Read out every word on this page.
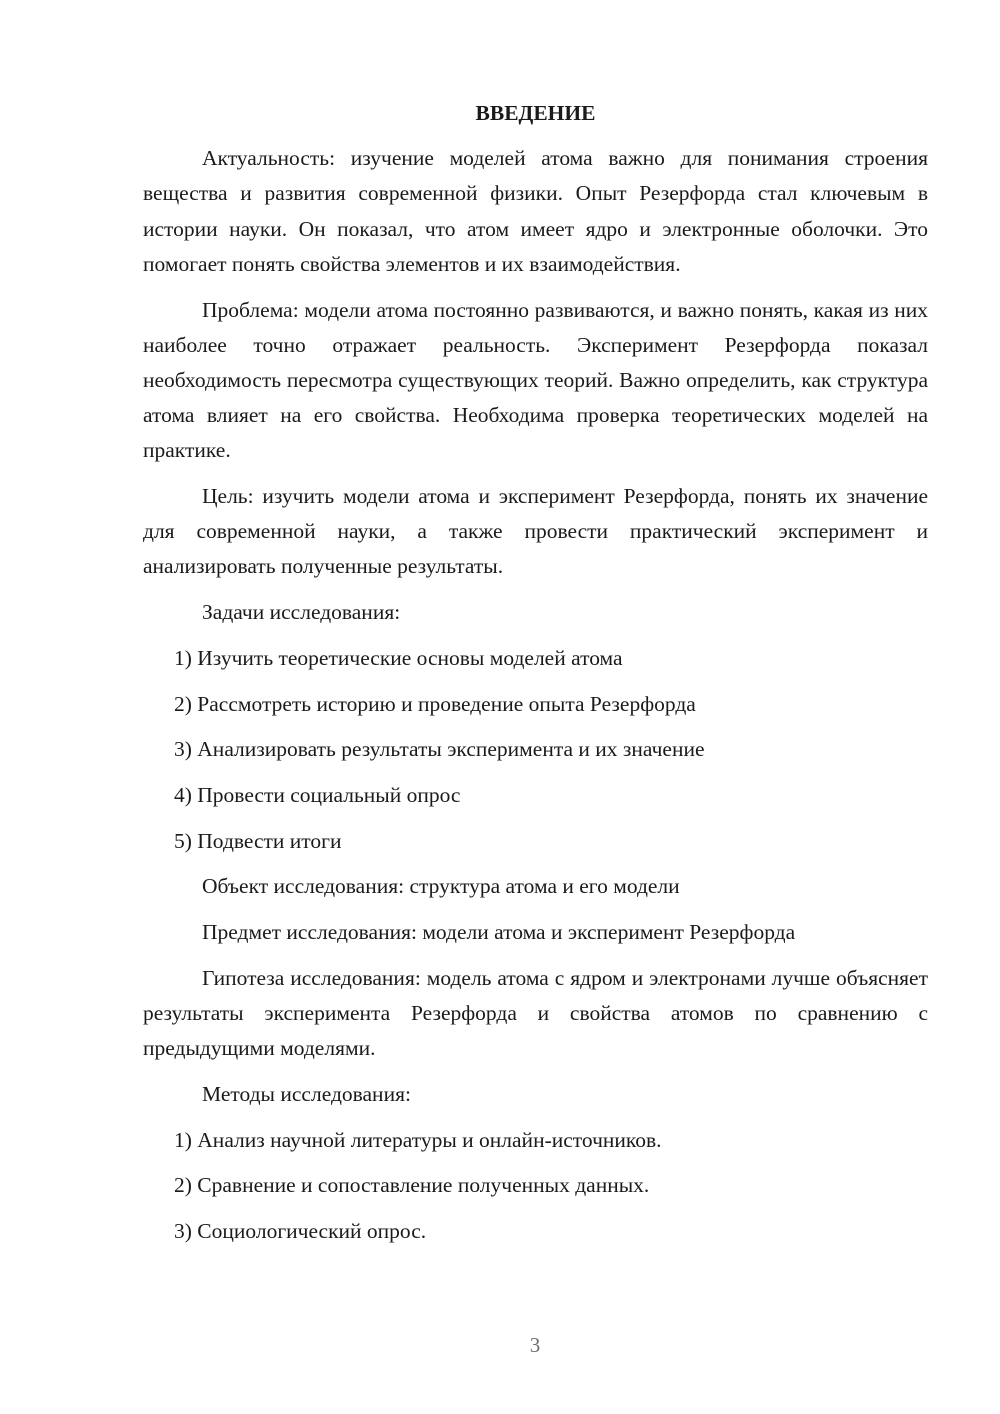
ВВЕДЕНИЕ
Актуальность: изучение моделей атома важно для понимания строения вещества и развития современной физики. Опыт Резерфорда стал ключевым в истории науки. Он показал, что атом имеет ядро и электронные оболочки. Это помогает понять свойства элементов и их взаимодействия.
Проблема: модели атома постоянно развиваются, и важно понять, какая из них наиболее точно отражает реальность. Эксперимент Резерфорда показал необходимость пересмотра существующих теорий. Важно определить, как структура атома влияет на его свойства. Необходима проверка теоретических моделей на практике.
Цель: изучить модели атома и эксперимент Резерфорда, понять их значение для современной науки, а также провести практический эксперимент и анализировать полученные результаты.
Задачи исследования:
1) Изучить теоретические основы моделей атома
2) Рассмотреть историю и проведение опыта Резерфорда
3) Анализировать результаты эксперимента и их значение
4) Провести социальный опрос
5) Подвести итоги
Объект исследования: структура атома и его модели
Предмет исследования: модели атома и эксперимент Резерфорда
Гипотеза исследования: модель атома с ядром и электронами лучше объясняет результаты эксперимента Резерфорда и свойства атомов по сравнению с предыдущими моделями.
Методы исследования:
1) Анализ научной литературы и онлайн-источников.
2) Сравнение и сопоставление полученных данных.
3) Социологический опрос.
3
